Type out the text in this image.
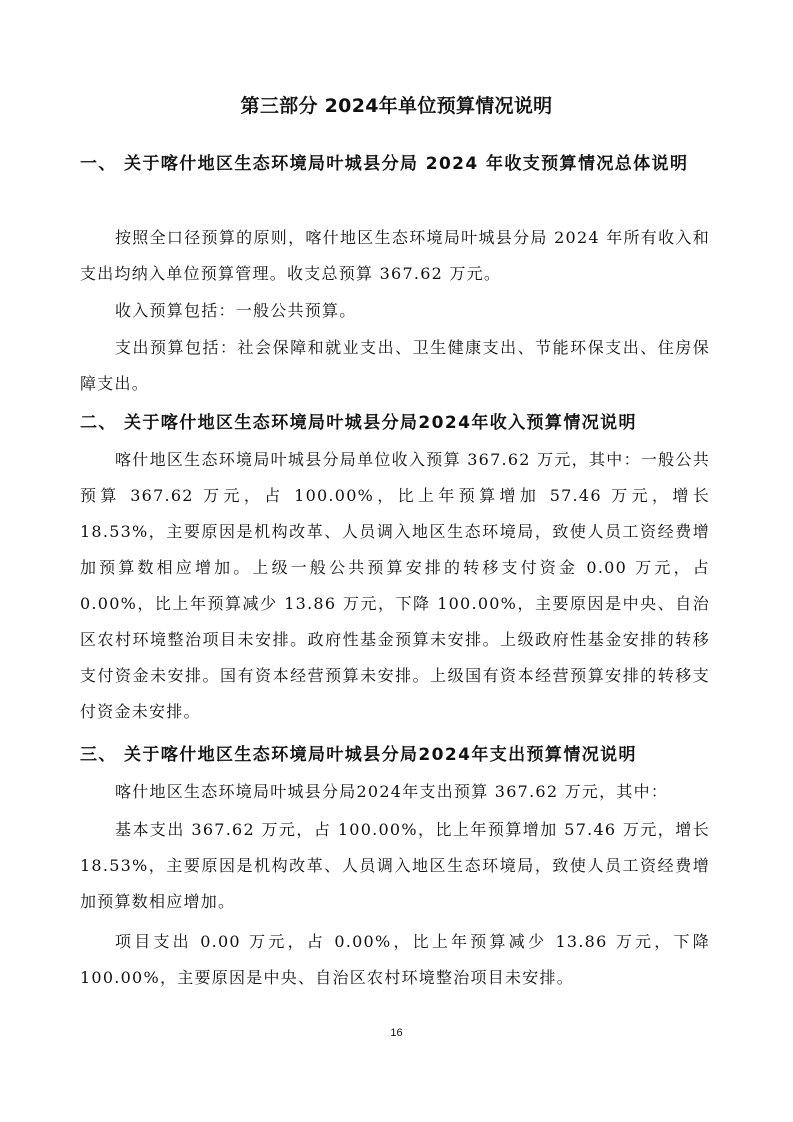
第三部分 2024年单位预算情况说明
一、 关于喀什地区生态环境局叶城县分局 2024 年收支预算情况总体说明

按照全口径预算的原则，喀什地区生态环境局叶城县分局 2024 年所有收入和支出均纳入单位预算管理。收支总预算 367.62 万元。

收入预算包括：一般公共预算。

支出预算包括：社会保障和就业支出、卫生健康支出、节能环保支出、住房保障支出。

二、 关于喀什地区生态环境局叶城县分局2024年收入预算情况说明

喀什地区生态环境局叶城县分局单位收入预算 367.62 万元，其中：一般公共预算 367.62 万元，占 100.00%，比上年预算增加 57.46 万元，增长 18.53%，主要原因是机构改革、人员调入地区生态环境局，致使人员工资经费增加预算数相应增加。上级一般公共预算安排的转移支付资金 0.00 万元，占 0.00%，比上年预算减少 13.86 万元，下降 100.00%，主要原因是中央、自治区农村环境整治项目未安排。政府性基金预算未安排。上级政府性基金安排的转移支付资金未安排。国有资本经营预算未安排。上级国有资本经营预算安排的转移支付资金未安排。

三、 关于喀什地区生态环境局叶城县分局2024年支出预算情况说明

喀什地区生态环境局叶城县分局2024年支出预算 367.62 万元，其中：

基本支出 367.62 万元，占 100.00%，比上年预算增加 57.46 万元，增长 18.53%，主要原因是机构改革、人员调入地区生态环境局，致使人员工资经费增加预算数相应增加。

项目支出 0.00 万元，占 0.00%，比上年预算减少 13.86 万元，下降 100.00%，主要原因是中央、自治区农村环境整治项目未安排。

16
